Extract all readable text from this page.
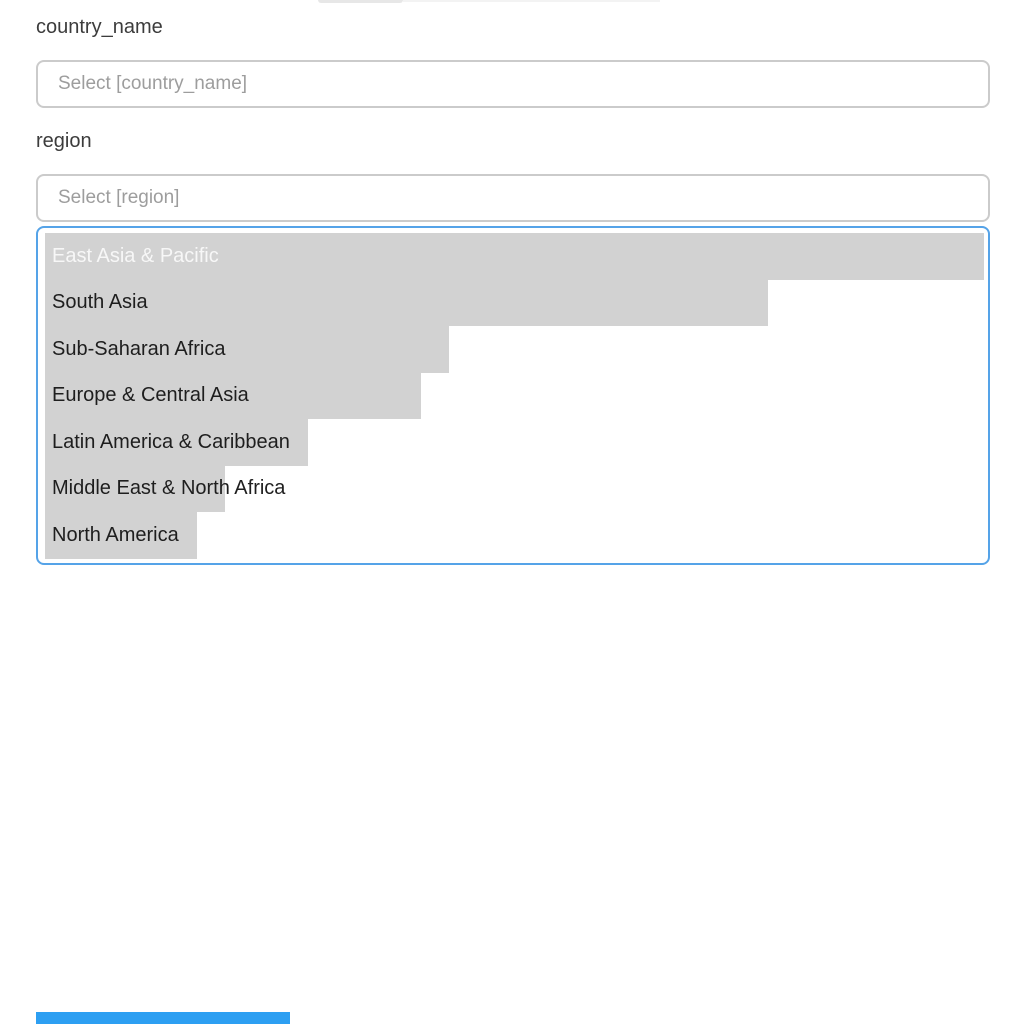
country_name
Select [country_name]
region
Select [region]
East Asia & Pacific
South Asia
Sub-Saharan Africa
Europe & Central Asia
Latin America & Caribbean
Middle East & North Africa
North America
